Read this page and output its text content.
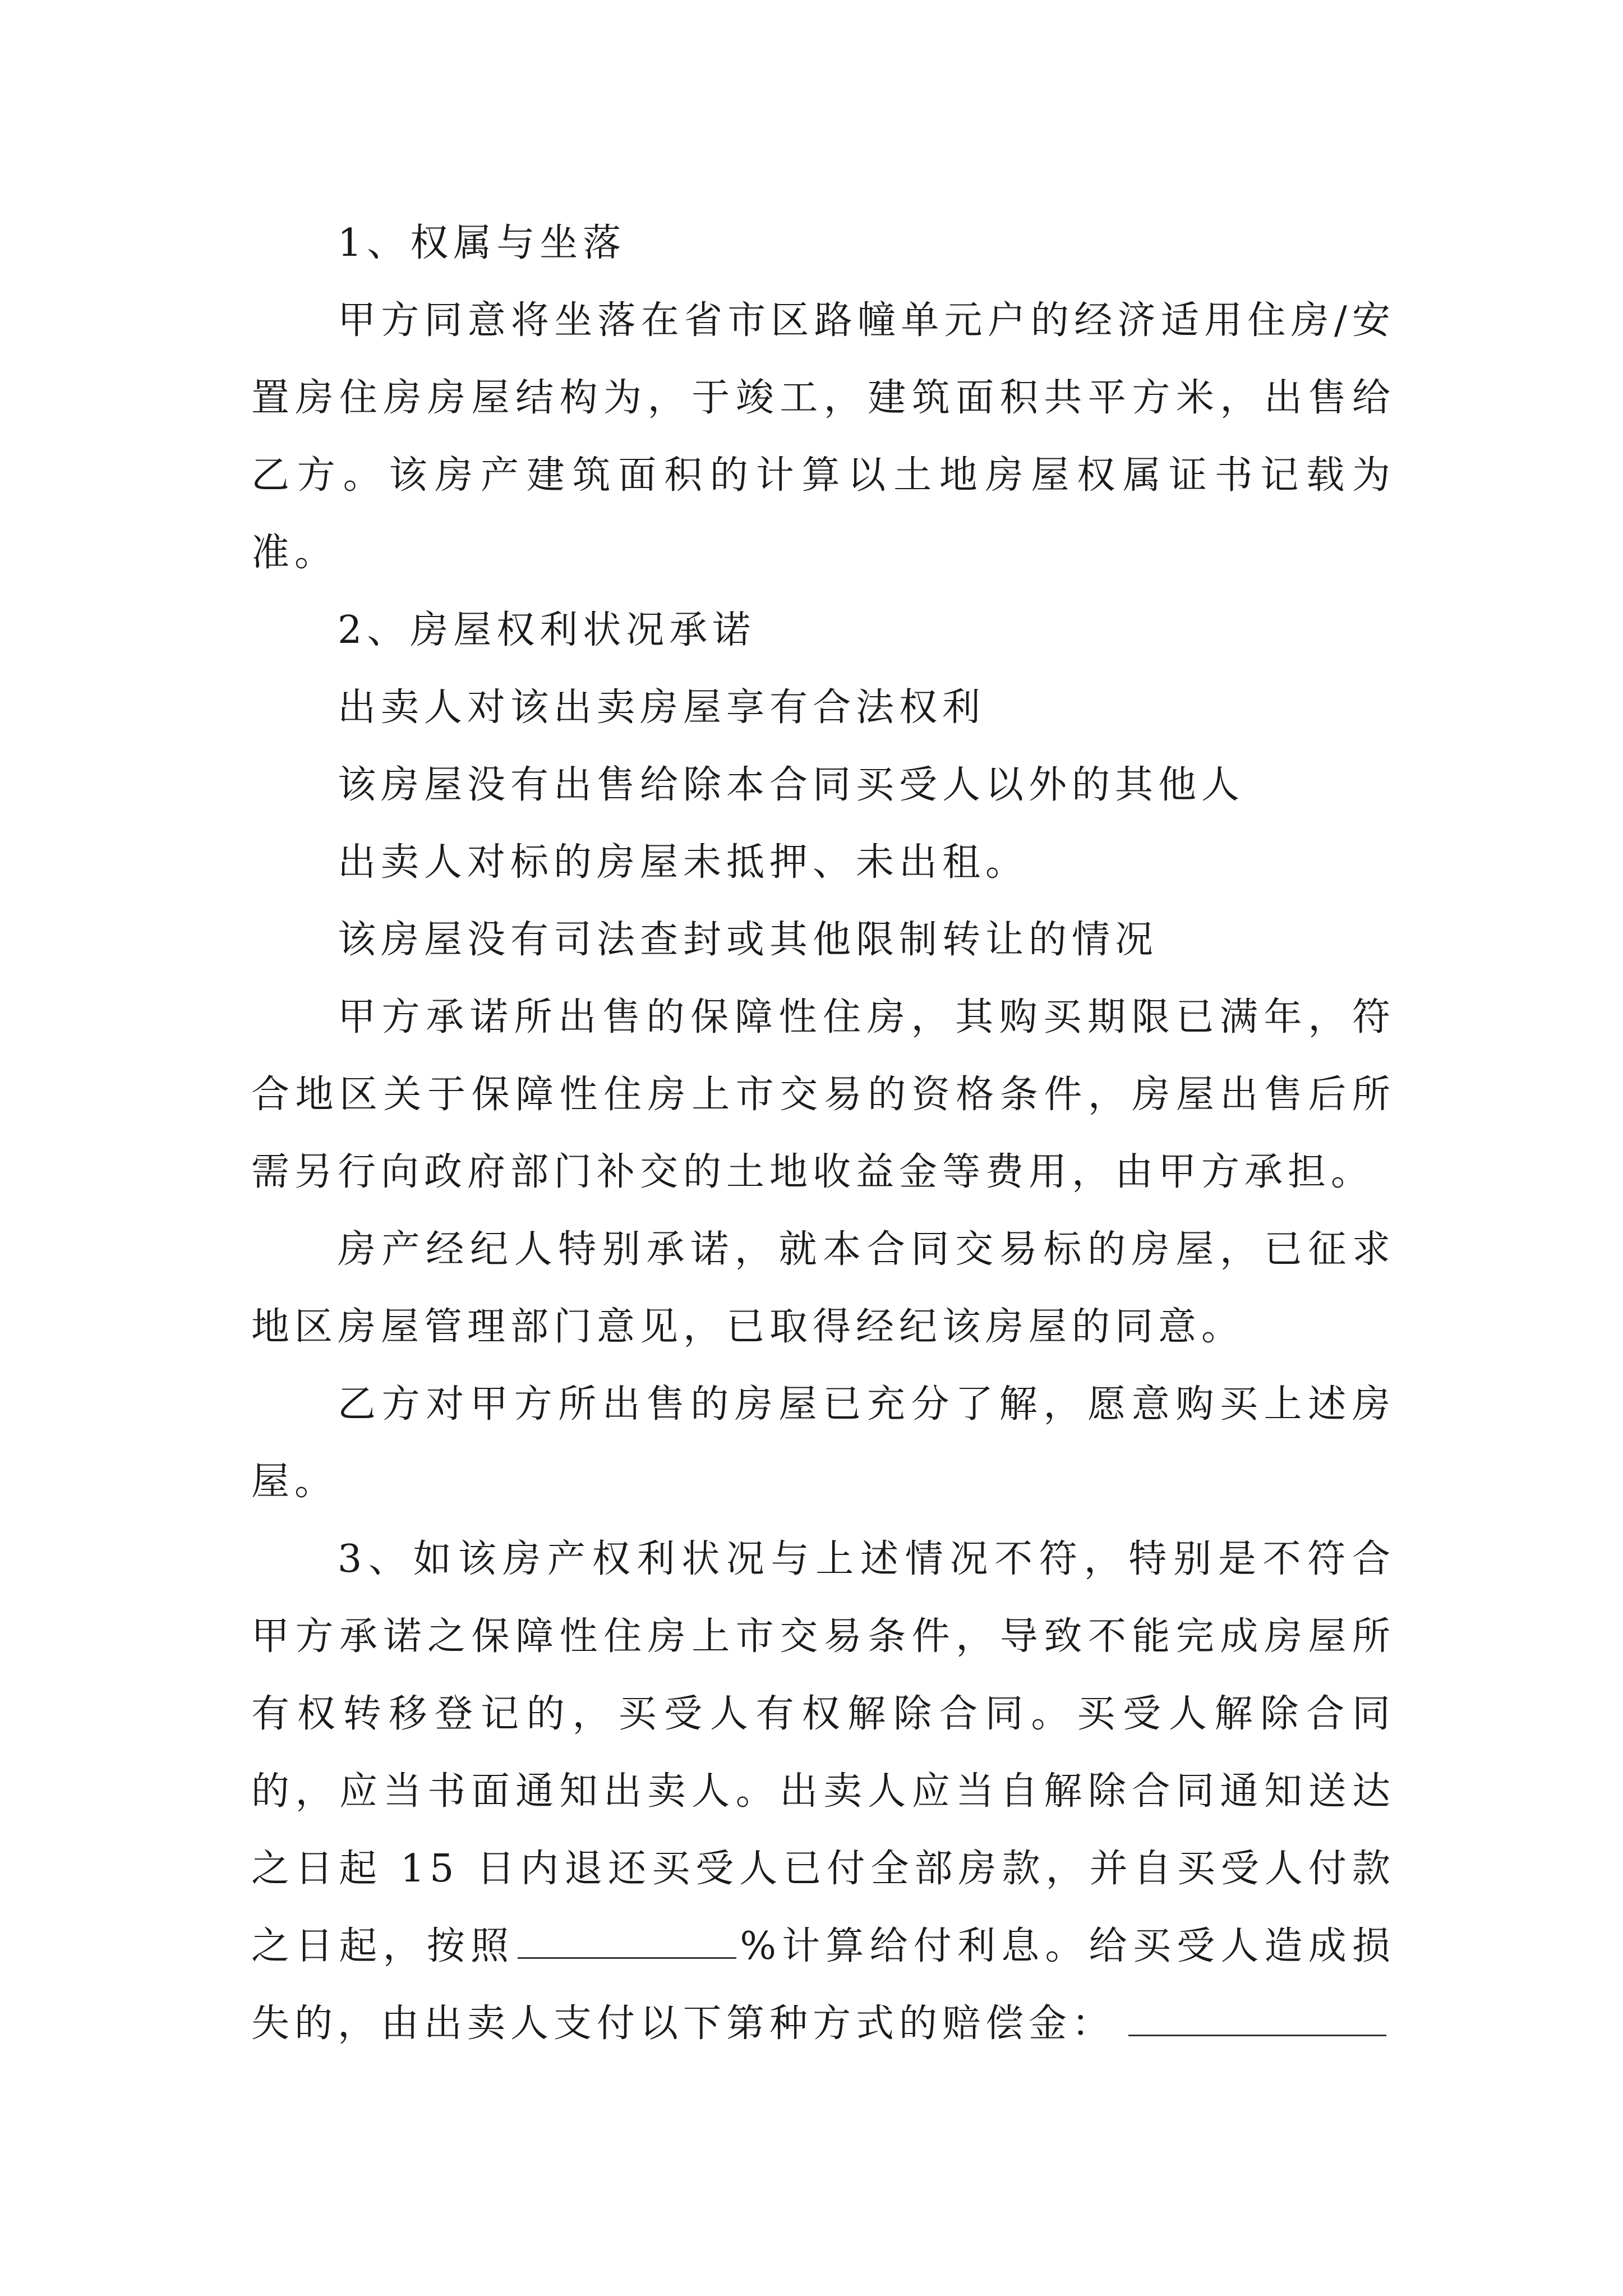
1、权属与坐落

甲方同意将坐落在省市区路幢单元户的经济适用住房/安置房住房房屋结构为，于竣工，建筑面积共平方米，出售给乙方。该房产建筑面积的计算以土地房屋权属证书记载为准。

2、房屋权利状况承诺

出卖人对该出卖房屋享有合法权利

该房屋没有出售给除本合同买受人以外的其他人

出卖人对标的房屋未抵押、未出租。

该房屋没有司法查封或其他限制转让的情况

甲方承诺所出售的保障性住房，其购买期限已满年，符合地区关于保障性住房上市交易的资格条件，房屋出售后所需另行向政府部门补交的土地收益金等费用，由甲方承担。

房产经纪人特别承诺，就本合同交易标的房屋，已征求地区房屋管理部门意见，已取得经纪该房屋的同意。

乙方对甲方所出售的房屋已充分了解，愿意购买上述房屋。

3、如该房产权利状况与上述情况不符，特别是不符合甲方承诺之保障性住房上市交易条件，导致不能完成房屋所有权转移登记的，买受人有权解除合同。买受人解除合同的，应当书面通知出卖人。出卖人应当自解除合同通知送达之日起 15 日内退还买受人已付全部房款，并自买受人付款之日起，按照	%计算给付利息。给买受人造成损失的，由出卖人支付以下第种方式的赔偿金：
